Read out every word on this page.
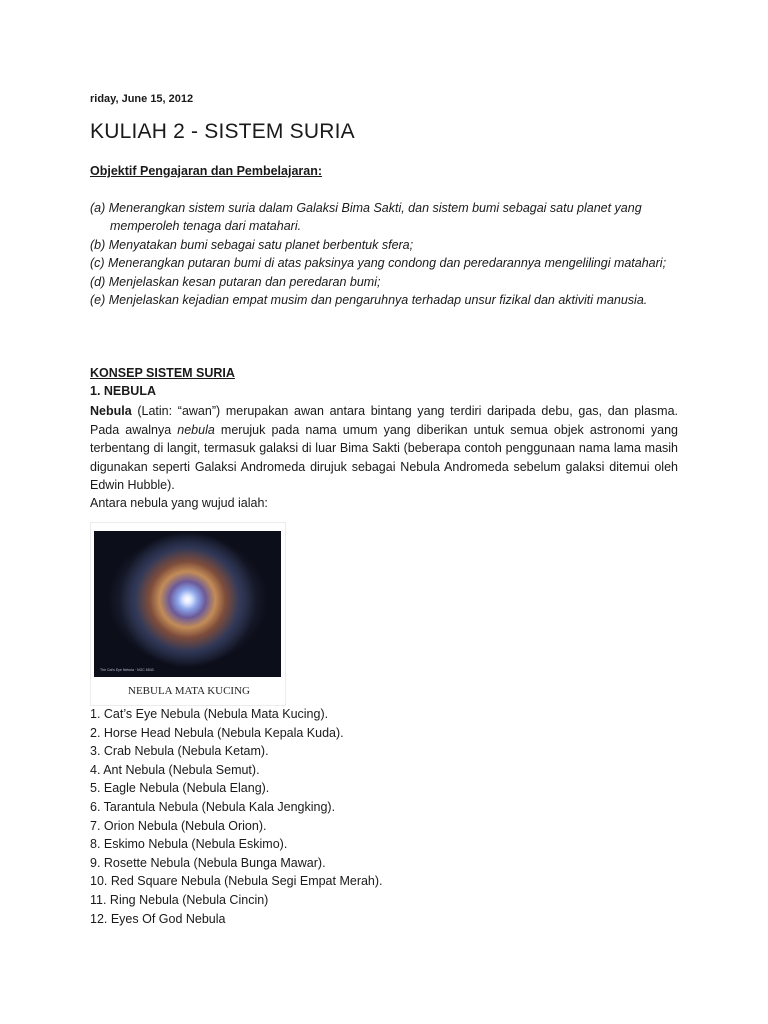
riday, June 15, 2012
KULIAH 2 - SISTEM SURIA
Objektif Pengajaran dan Pembelajaran:
(a) Menerangkan sistem suria dalam Galaksi Bima Sakti, dan sistem bumi sebagai satu planet yang memperoleh tenaga dari matahari.
(b) Menyatakan bumi sebagai satu planet berbentuk sfera;
(c) Menerangkan putaran bumi di atas paksinya yang condong dan peredarannya mengelilingi matahari;
(d) Menjelaskan kesan putaran dan peredaran bumi;
(e) Menjelaskan kejadian empat musim dan pengaruhnya terhadap unsur fizikal dan aktiviti manusia.
KONSEP SISTEM SURIA
1. NEBULA

Nebula (Latin: “awan”) merupakan awan antara bintang yang terdiri daripada debu, gas, dan plasma. Pada awalnya nebula merujuk pada nama umum yang diberikan untuk semua objek astronomi yang terbentang di langit, termasuk galaksi di luar Bima Sakti (beberapa contoh penggunaan nama lama masih digunakan seperti Galaksi Andromeda dirujuk sebagai Nebula Andromeda sebelum galaksi ditemui oleh Edwin Hubble).

Antara nebula yang wujud ialah:
The Cat's Eye Nebula · NGC 6543
NEBULA MATA KUCING
1. Cat’s Eye Nebula (Nebula Mata Kucing).
2. Horse Head Nebula (Nebula Kepala Kuda).
3. Crab Nebula (Nebula Ketam).
4. Ant Nebula (Nebula Semut).
5. Eagle Nebula (Nebula Elang).
6. Tarantula Nebula (Nebula Kala Jengking).
7. Orion Nebula (Nebula Orion).
8. Eskimo Nebula (Nebula Eskimo).
9. Rosette Nebula (Nebula Bunga Mawar).
10. Red Square Nebula (Nebula Segi Empat Merah).
11. Ring Nebula (Nebula Cincin)
12. Eyes Of God Nebula
